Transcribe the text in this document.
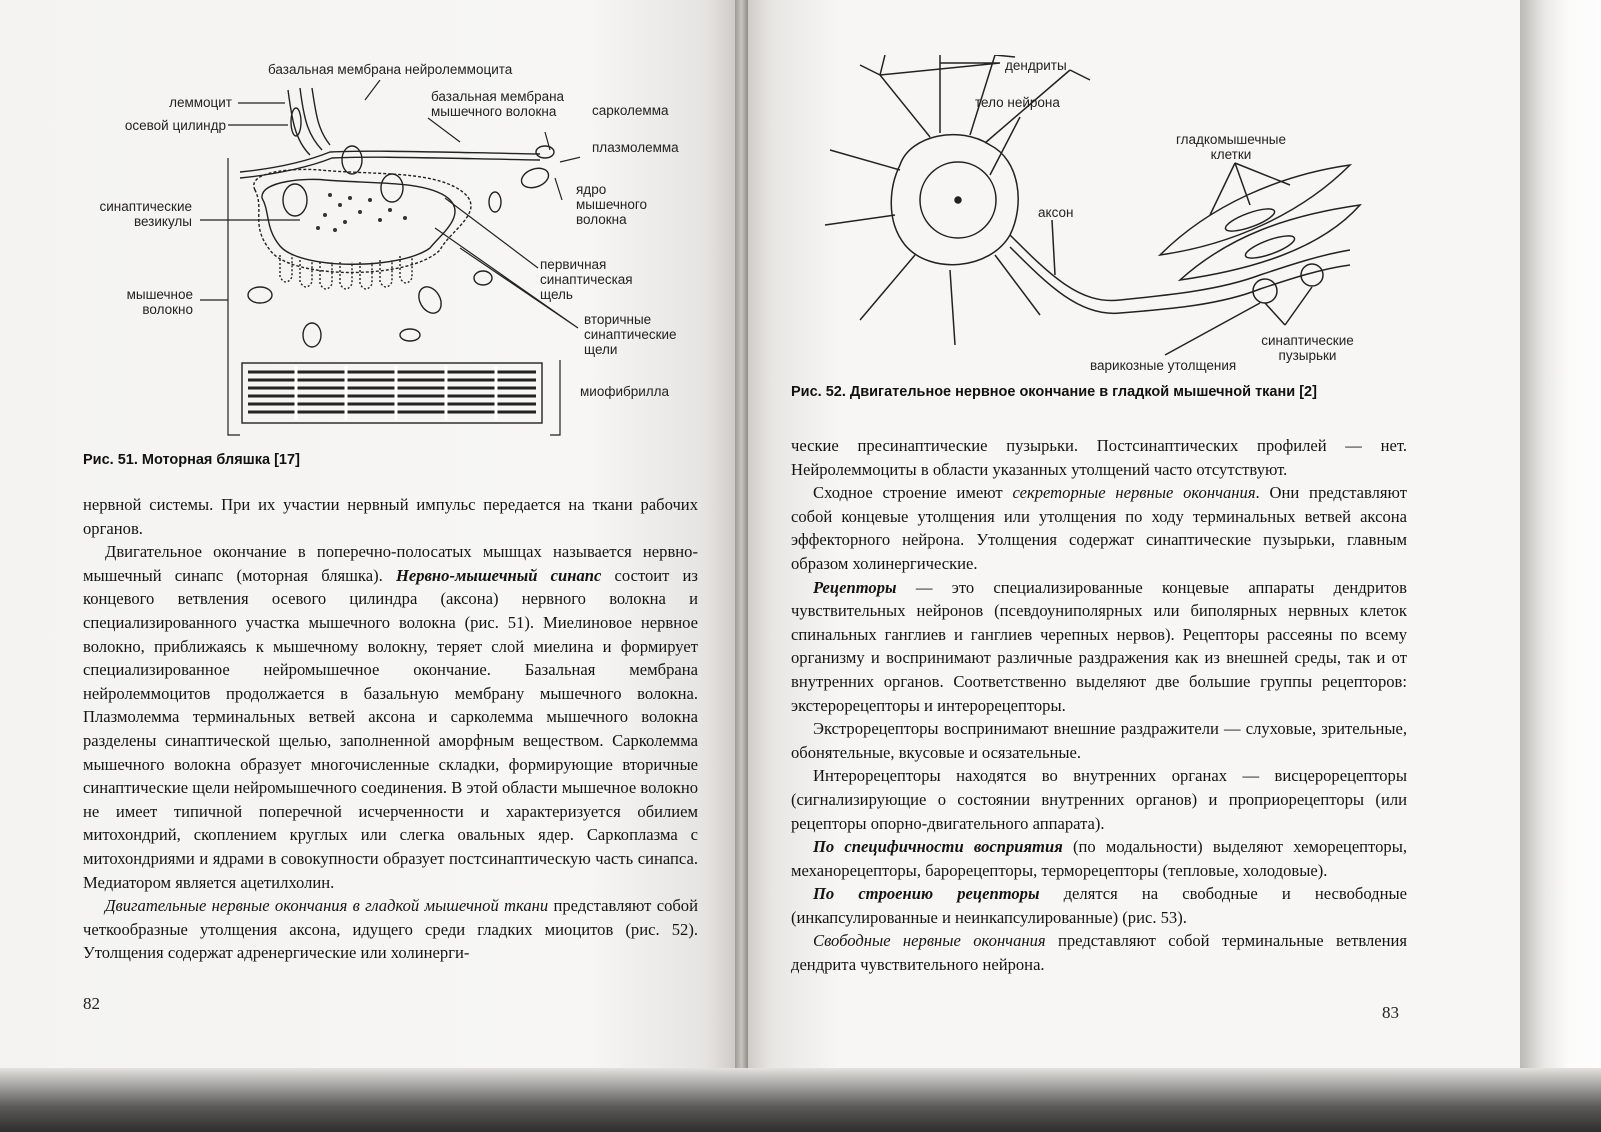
базальная мембрана нейролеммоцита
леммоцит
осевой цилиндр
базальная мембрана
мышечного волокна	сарколемма
плазмолемма
ядро
мышечного
волокна
синаптические
везикулы
первичная
синаптическая
щель
мышечное
волокно
вторичные
синаптические
щели
миофибрилла
Рис. 51. Моторная бляшка [17]

нервной системы. При их участии нервный импульс передается на ткани рабочих органов.

Двигательное окончание в поперечно-полосатых мышцах называется нервно-мышечный синапс (моторная бляшка). Нервно-мышечный синапс состоит из концевого ветвления осевого цилиндра (аксона) нервного волокна и специализированного участка мышечного волокна (рис. 51). Миелиновое нервное волокно, приближаясь к мышечному волокну, теряет слой миелина и формирует специализированное нейромышечное окончание. Базальная мембрана нейролеммоцитов продолжается в базальную мембрану мышечного волокна. Плазмолемма терминальных ветвей аксона и сарколемма мышечного волокна разделены синаптической щелью, заполненной аморфным веществом. Сарколемма мышечного волокна образует многочисленные складки, формирующие вторичные синаптические щели нейромышечного соединения. В этой области мышечное волокно не имеет типичной поперечной исчерченности и характеризуется обилием митохондрий, скоплением круглых или слегка овальных ядер. Саркоплазма с митохондриями и ядрами в совокупности образует постсинаптическую часть синапса. Медиатором является ацетилхолин.

Двигательные нервные окончания в гладкой мышечной ткани представляют собой четкообразные утолщения аксона, идущего среди гладких миоцитов (рис. 52). Утолщения содержат адренергические или холинерги-

82
дендриты
тело нейрона
гладкомышечные
клетки
аксон
синаптические
пузырьки
варикозные утолщения
Рис. 52. Двигательное нервное окончание в гладкой мышечной ткани [2]

ческие пресинаптические пузырьки. Постсинаптических профилей — нет. Нейролеммоциты в области указанных утолщений часто отсутствуют.

Сходное строение имеют секреторные нервные окончания. Они представляют собой концевые утолщения или утолщения по ходу терминальных ветвей аксона эффекторного нейрона. Утолщения содержат синаптические пузырьки, главным образом холинергические.

Рецепторы — это специализированные концевые аппараты дендритов чувствительных нейронов (псевдоуниполярных или биполярных нервных клеток спинальных ганглиев и ганглиев черепных нервов). Рецепторы рассеяны по всему организму и воспринимают различные раздражения как из внешней среды, так и от внутренних органов. Соответственно выделяют две большие группы рецепторов: экстерорецепторы и интерорецепторы.

Экстрорецепторы воспринимают внешние раздражители — слуховые, зрительные, обонятельные, вкусовые и осязательные.

Интерорецепторы находятся во внутренних органах — висцерорецепторы (сигнализирующие о состоянии внутренних органов) и проприорецепторы (или рецепторы опорно-двигательного аппарата).

По специфичности восприятия (по модальности) выделяют хеморецепторы, механорецепторы, барорецепторы, терморецепторы (тепловые, холодовые).

По строению рецепторы делятся на свободные и несвободные (инкапсулированные и неинкапсулированные) (рис. 53).

Свободные нервные окончания представляют собой терминальные ветвления дендрита чувствительного нейрона.

83
